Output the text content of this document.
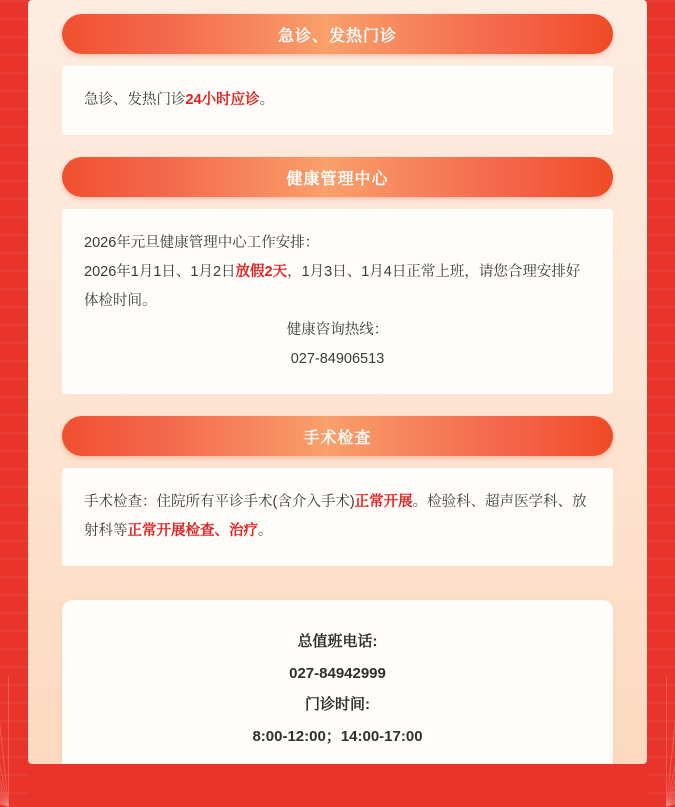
急诊、发热门诊

急诊、发热门诊24小时应诊。

健康管理中心

2026年元旦健康管理中心工作安排：

2026年1月1日、1月2日放假2天，1月3日、1月4日正常上班，请您合理安排好体检时间。

健康咨询热线：

027-84906513

手术检查

手术检查：住院所有平诊手术(含介入手术)正常开展。检验科、超声医学科、放射科等正常开展检查、治疗。

总值班电话:
027-84942999
门诊时间:
8:00-12:00；14:00-17:00
